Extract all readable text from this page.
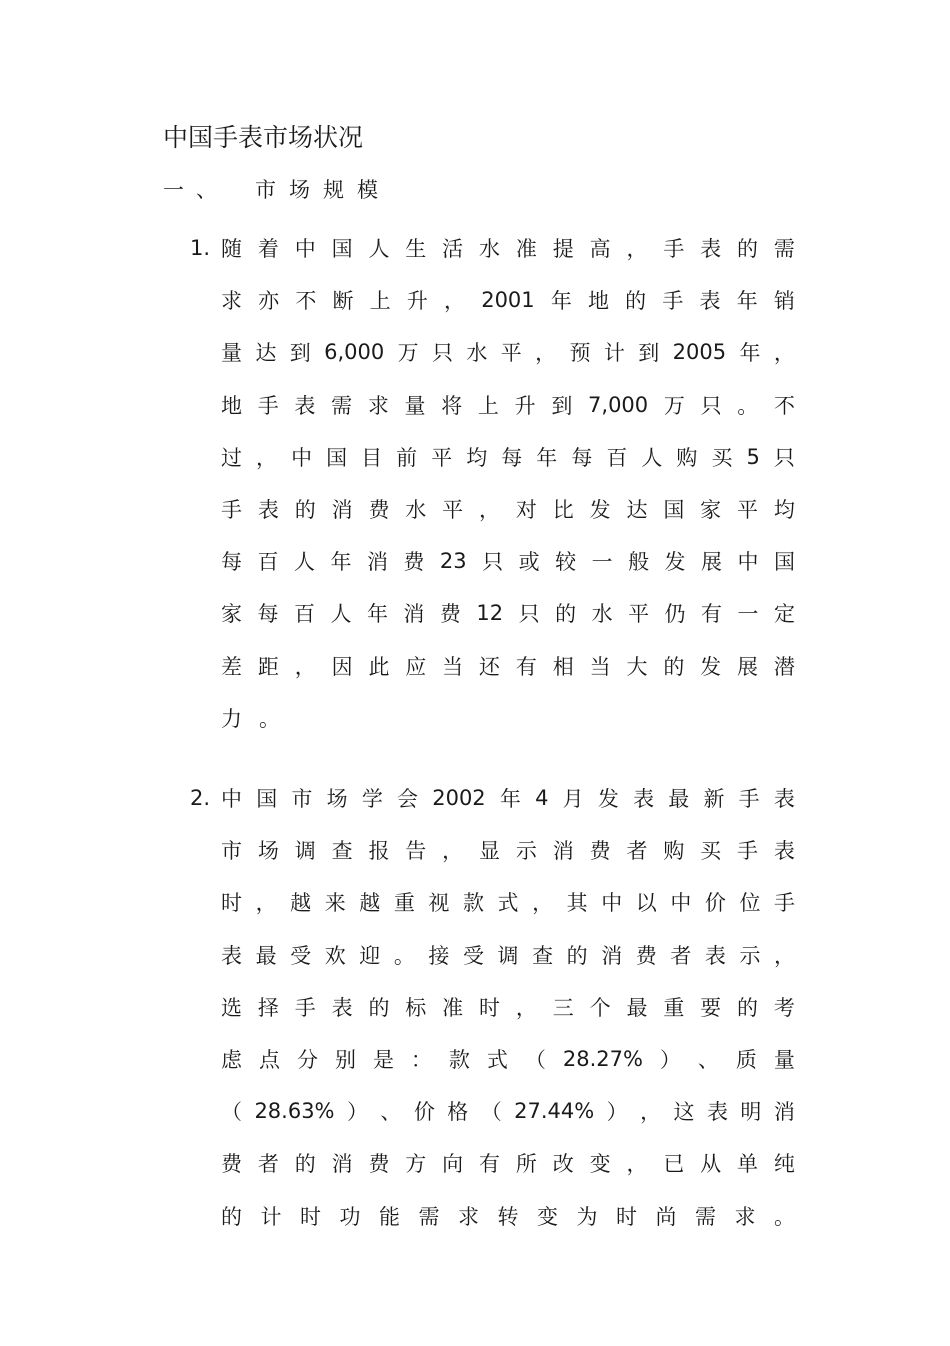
中国手表市场状况
一、 市场规模
1. 随 着 中 国 人 生 活 水 准 提 高 ， 手 表 的 需
求 亦 不 断 上 升 ， 2001 年 地 的 手 表 年 销
量 达 到 6,000 万 只 水 平 ， 预 计 到 2005 年 ，
地 手 表 需 求 量 将 上 升 到 7,000 万 只 。 不
过 ， 中 国 目 前 平 均 每 年 每 百 人 购 买 5 只
手 表 的 消 费 水 平 ， 对 比 发 达 国 家 平 均
每 百 人 年 消 费 23 只 或 较 一 般 发 展 中 国
家 每 百 人 年 消 费 12 只 的 水 平 仍 有 一 定
差 距 ， 因 此 应 当 还 有 相 当 大 的 发 展 潜
力 。
2. 中 国 市 场 学 会 2002 年 4 月 发 表 最 新 手 表
市 场 调 查 报 告 ， 显 示 消 费 者 购 买 手 表
时 ， 越 来 越 重 视 款 式 ， 其 中 以 中 价 位 手
表 最 受 欢 迎 。 接 受 调 查 的 消 费 者 表 示 ，
选 择 手 表 的 标 准 时 ， 三 个 最 重 要 的 考
虑 点 分 别 是 ： 款 式 （ 28.27% ） 、 质 量
（ 28.63% ） 、 价 格 （ 27.44% ） ， 这 表 明 消
费 者 的 消 费 方 向 有 所 改 变 ， 已 从 单 纯
的 计 时 功 能 需 求 转 变 为 时 尚 需 求 。
